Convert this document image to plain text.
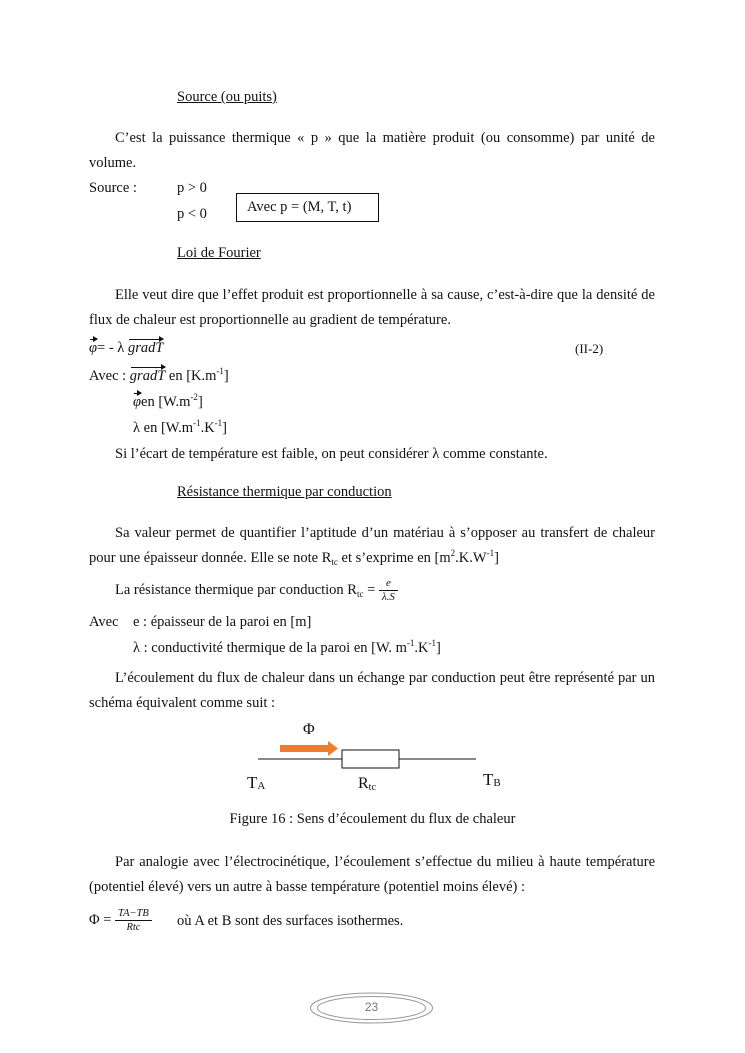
Source (ou puits)
C’est la puissance thermique « p » que la matière produit (ou consomme) par unité de volume.
Source :	p > 0
p < 0	Avec p = (M, T, t)
Loi de Fourier
Elle veut dire que l’effet produit est proportionnelle à sa cause, c’est-à-dire que la densité de flux de chaleur est proportionnelle au gradient de température.
φ= - λ gradT	(II-2)
Avec : gradT en $[K.m^{-1}]$
φen $[W.m^{-2}]$
λ en $[W.m^{-1}.K^{-1}]$
Si l’écart de température est faible, on peut considérer λ comme constante.
Résistance thermique par conduction
Sa valeur permet de quantifier l’aptitude d’un matériau à s’opposer au transfert de chaleur pour une épaisseur donnée. Elle se note $R_{tc}$ et s’exprime en $[m^2.K.W^{-1}]$
La résistance thermique par conduction $R_{tc} = \frac{e}{\lambda.S}$
Avec e : épaisseur de la paroi en [m]
λ : conductivité thermique de la paroi en [W. $m^{-1}.K^{-1}$]
L’écoulement du flux de chaleur dans un échange par conduction peut être représenté par un schéma équivalent comme suit :
Φ
$T_A$	$R_{tc}$	$T_B$
Figure 16 : Sens d’écoulement du flux de chaleur
Par analogie avec l’électrocinétique, l’écoulement s’effectue du milieu à haute température (potentiel élevé) vers un autre à basse température (potentiel moins élevé) :
$\Phi = \frac{TA-TB}{\text{Rtc}}$ où A et B sont des surfaces isothermes.
23
